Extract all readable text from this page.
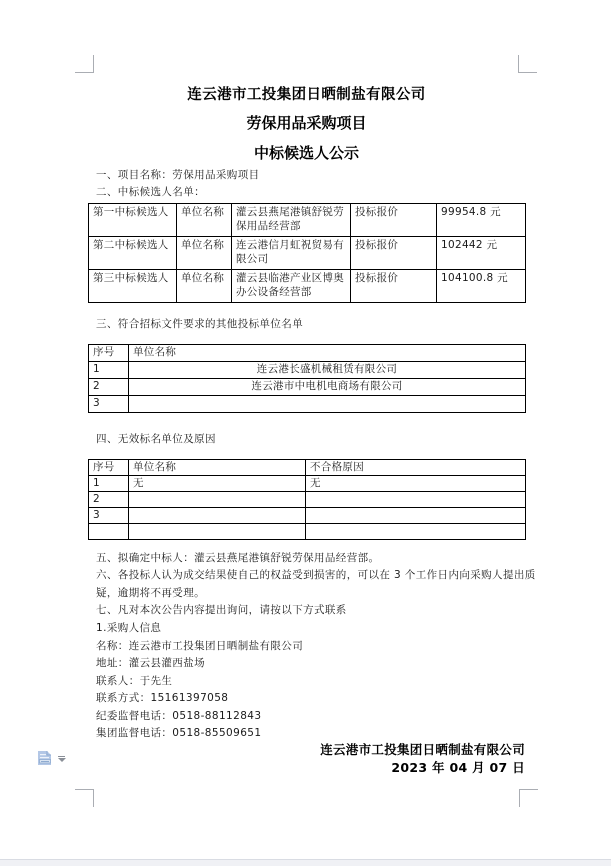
连云港市工投集团日晒制盐有限公司
劳保用品采购项目
中标候选人公示
一、项目名称：劳保用品采购项目
二、中标候选人名单：
第一中标候选人	单位名称	灌云县燕尾港镇舒锐劳保用品经营部	投标报价	99954.8 元
第二中标候选人	单位名称	连云港信月虹祝贸易有限公司	投标报价	102442 元
第三中标候选人	单位名称	灌云县临港产业区博奥办公设备经营部	投标报价	104100.8 元
三、符合招标文件要求的其他投标单位名单
序号	单位名称
1	连云港长盛机械租赁有限公司
2	连云港市中电机电商场有限公司
3	
四、无效标名单位及原因
序号	单位名称	不合格原因
1	无	无
2		
3		

五、拟确定中标人：灌云县燕尾港镇舒锐劳保用品经营部。
六、各投标人认为成交结果使自己的权益受到损害的，可以在 3 个工作日内向采购人提出质
疑，逾期将不再受理。
七、凡对本次公告内容提出询问，请按以下方式联系
1.采购人信息
名称：连云港市工投集团日晒制盐有限公司
地址：灌云县灌西盐场
联系人：于先生
联系方式：15161397058
纪委监督电话：0518-88112843
集团监督电话：0518-85509651
连云港市工投集团日晒制盐有限公司
2023 年 04 月 07 日
